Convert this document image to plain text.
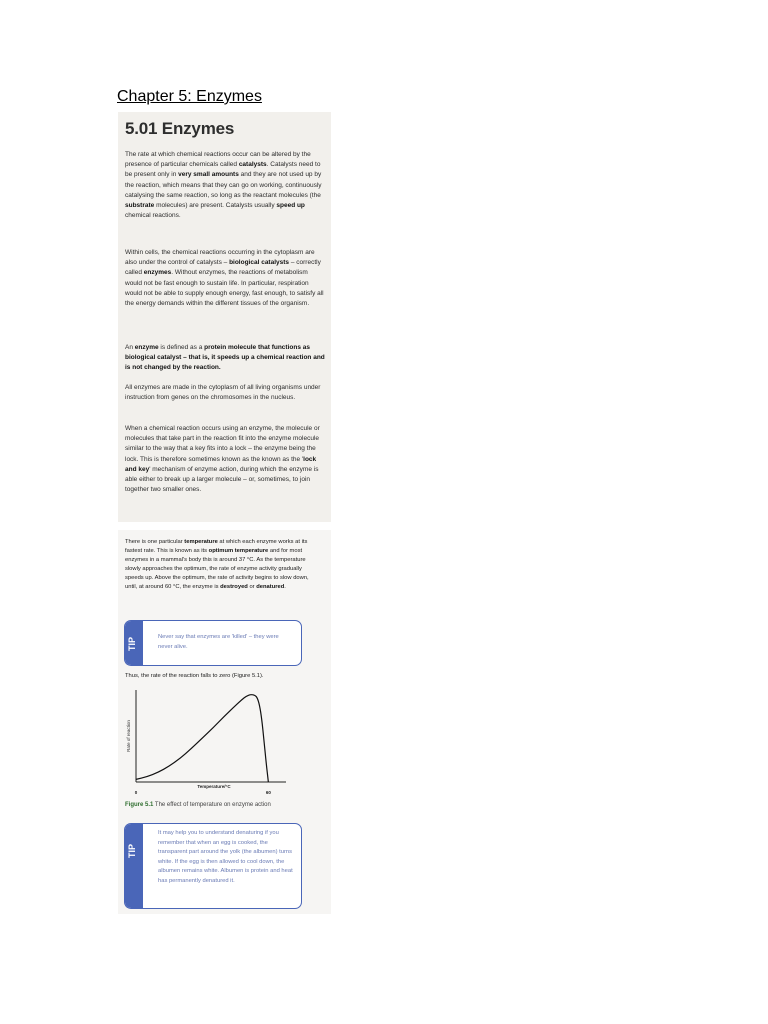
Chapter 5: Enzymes
5.01 Enzymes

The rate at which chemical reactions occur can be altered by the presence of particular chemicals called catalysts. Catalysts need to be present only in very small amounts and they are not used up by the reaction, which means that they can go on working, continuously catalysing the same reaction, so long as the reactant molecules (the substrate molecules) are present. Catalysts usually speed up chemical reactions.

Within cells, the chemical reactions occurring in the cytoplasm are also under the control of catalysts – biological catalysts – correctly called enzymes. Without enzymes, the reactions of metabolism would not be fast enough to sustain life. In particular, respiration would not be able to supply enough energy, fast enough, to satisfy all the energy demands within the different tissues of the organism.

An enzyme is defined as a protein molecule that functions as biological catalyst – that is, it speeds up a chemical reaction and is not changed by the reaction.

All enzymes are made in the cytoplasm of all living organisms under instruction from genes on the chromosomes in the nucleus.

When a chemical reaction occurs using an enzyme, the molecule or molecules that take part in the reaction fit into the enzyme molecule similar to the way that a key fits into a lock – the enzyme being the lock. This is therefore sometimes known as the known as the 'lock and key' mechanism of enzyme action, during which the enzyme is able either to break up a larger molecule – or, sometimes, to join together two smaller ones.

There is one particular temperature at which each enzyme works at its fastest rate. This is known as its optimum temperature and for most enzymes in a mammal's body this is around 37 °C. As the temperature slowly approaches the optimum, the rate of enzyme activity gradually speeds up. Above the optimum, the rate of activity begins to slow down, until, at around 60 °C, the enzyme is destroyed or denatured.

TIP	Never say that enzymes are 'killed' – they were never alive.

Thus, the rate of the reaction falls to zero (Figure 5.1).

Rate of reaction
Temperature/°C
0	60

Figure 5.1 The effect of temperature on enzyme action

TIP

It may help you to understand denaturing if you remember that when an egg is cooked, the transparent part around the yolk (the albumen) turns white. If the egg is then allowed to cool down, the albumen remains white. Albumen is protein and heat has permanently denatured it.
